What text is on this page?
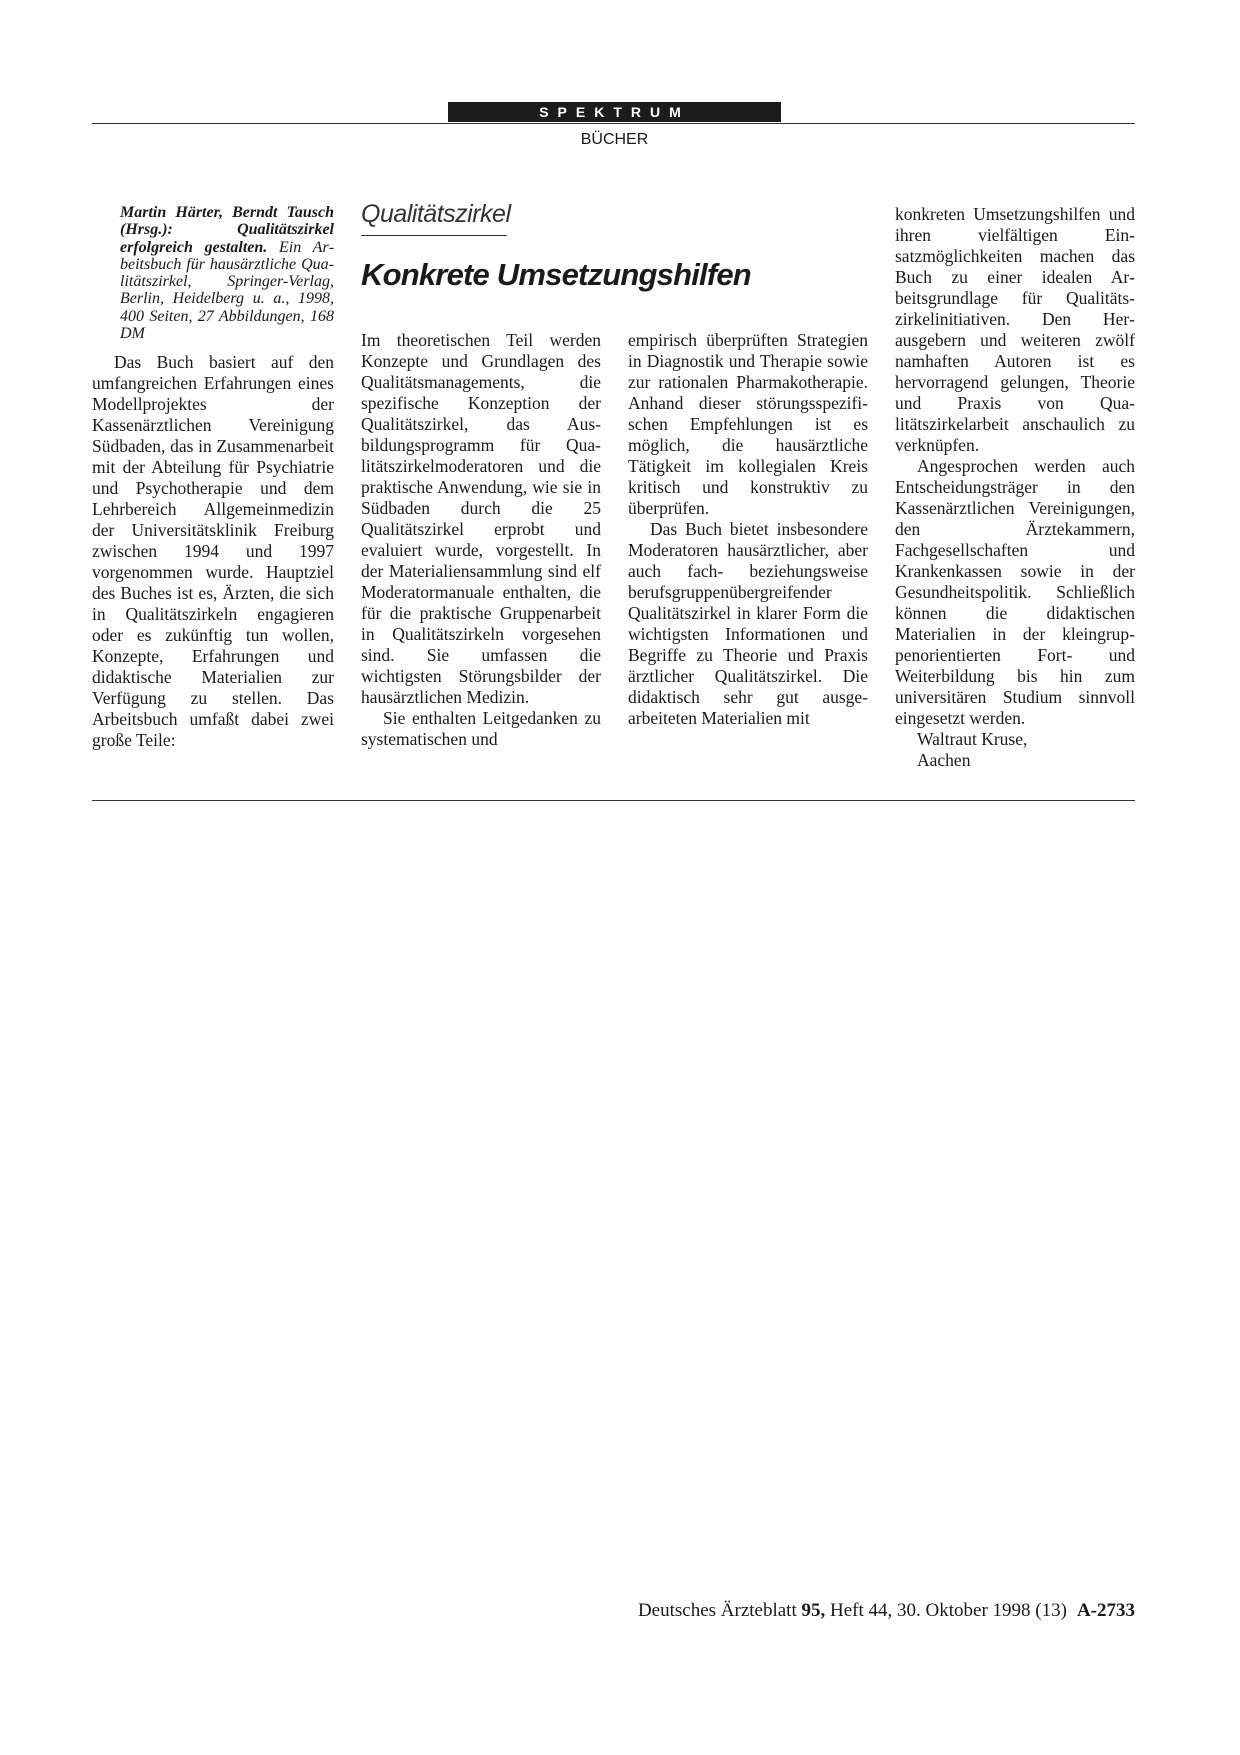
SPEKTRUM
BÜCHER
Martin Härter, Berndt Tausch (Hrsg.): Qualitätszirkel erfolgreich gestalten. Ein Arbeitsbuch für hausärztliche Qualitätszirkel, Springer-Verlag, Berlin, Heidelberg u. a., 1998, 400 Seiten, 27 Abbildungen, 168 DM

Das Buch basiert auf den umfangreichen Erfahrungen eines Modellprojektes der Kassenärztlichen Vereinigung Südbaden, das in Zusammenarbeit mit der Abteilung für Psychiatrie und Psychotherapie und dem Lehrbereich Allgemeinmedizin der Universitätsklinik Freiburg zwischen 1994 und 1997 vorgenommen wurde. Hauptziel des Buches ist es, Ärzten, die sich in Qualitätszirkeln engagieren oder es zukünftig tun wollen, Konzepte, Erfahrungen und didaktische Materialien zur Verfügung zu stellen. Das Arbeitsbuch umfaßt dabei zwei große Teile:

Qualitätszirkel
Konkrete Umsetzungshilfen

Im theoretischen Teil werden Konzepte und Grundlagen des Qualitätsmanagements, die spezifische Konzeption der Qualitätszirkel, das Ausbildungsprogramm für Qualitätszirkelmoderatoren und die praktische Anwendung, wie sie in Südbaden durch die 25 Qualitätszirkel erprobt und evaluiert wurde, vorgestellt. In der Materialiensammlung sind elf Moderatormanuale enthalten, die für die praktische Gruppenarbeit in Qualitätszirkeln vorgesehen sind. Sie umfassen die wichtigsten Störungsbilder der hausärztlichen Medizin.

Sie enthalten Leitgedanken zu systematischen und

empirisch überprüften Strategien in Diagnostik und Therapie sowie zur rationalen Pharmakotherapie. Anhand dieser störungsspezifischen Empfehlungen ist es möglich, die hausärztliche Tätigkeit im kollegialen Kreis kritisch und konstruktiv zu überprüfen.

Das Buch bietet insbesondere Moderatoren hausärztlicher, aber auch fach- beziehungsweise berufsgruppenübergreifender Qualitätszirkel in klarer Form die wichtigsten Informationen und Begriffe zu Theorie und Praxis ärztlicher Qualitätszirkel. Die didaktisch sehr gut ausgearbeiteten Materialien mit

konkreten Umsetzungshilfen und ihren vielfältigen Einsatzmöglichkeiten machen das Buch zu einer idealen Arbeitsgrundlage für Qualitätszirkelinitiativen. Den Herausgebern und weiteren zwölf namhaften Autoren ist es hervorragend gelungen, Theorie und Praxis von Qualitätszirkelarbeit anschaulich zu verknüpfen.

Angesprochen werden auch Entscheidungsträger in den Kassenärztlichen Vereinigungen, den Ärztekammern, Fachgesellschaften und Krankenkassen sowie in der Gesundheitspolitik. Schließlich können die didaktischen Materialien in der kleingruppenorientierten Fort- und Weiterbildung bis hin zum universitären Studium sinnvoll eingesetzt werden.

Waltraut Kruse,

Aachen

Deutsches Ärzteblatt 95, Heft 44, 30. Oktober 1998 (13) A-2733
